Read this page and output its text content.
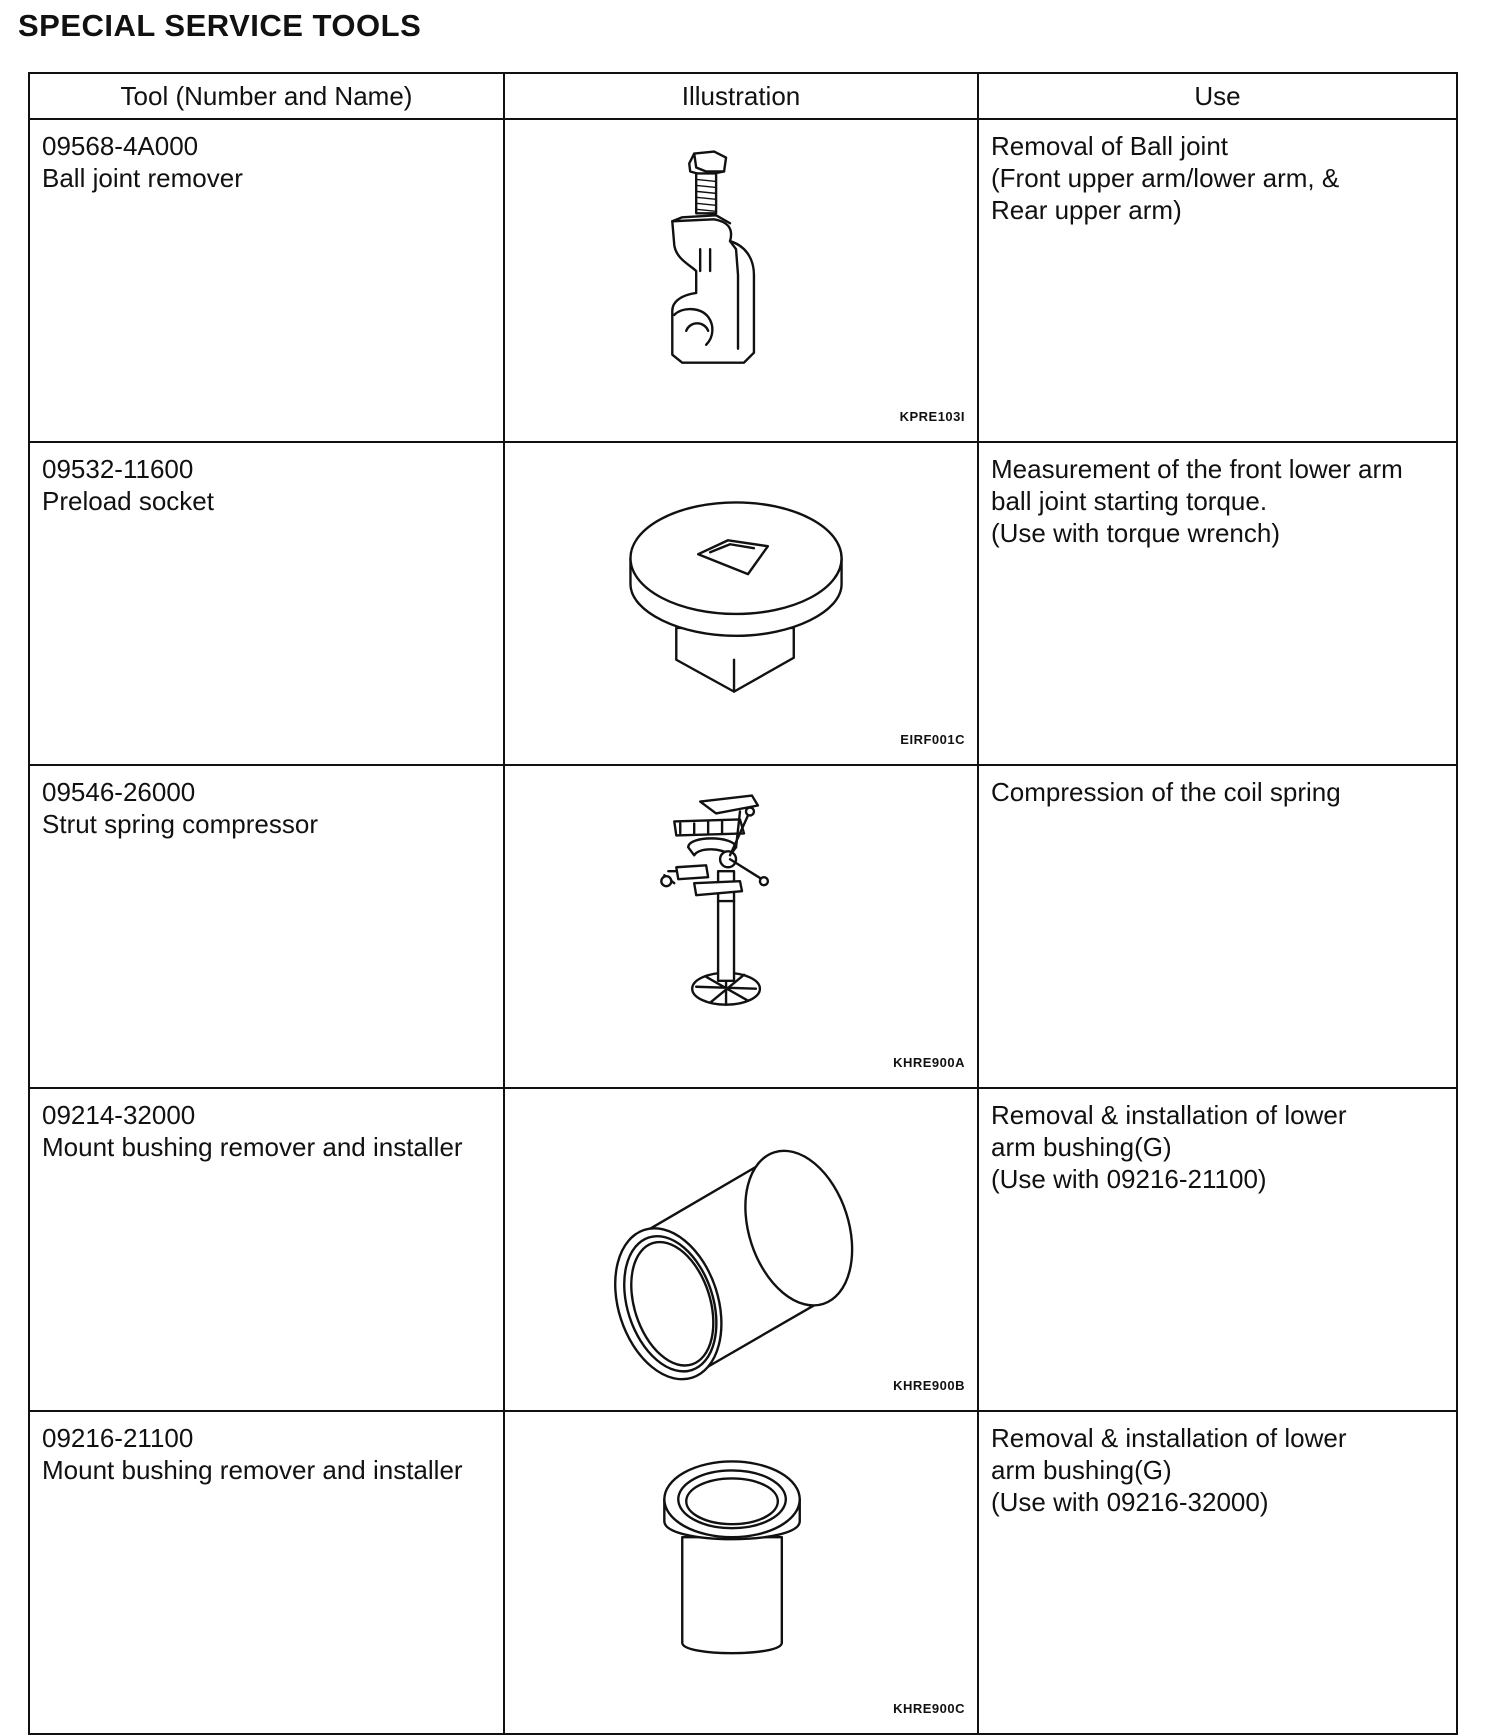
SPECIAL SERVICE TOOLS
Tool (Number and Name)	Illustration	Use

09568-4A000
Ball joint remover	KPRE103I	Removal of Ball joint
(Front upper arm/lower arm, &
Rear upper arm)

09532-11600
Preload socket	EIRF001C	Measurement of the front lower arm
ball joint starting torque.
(Use with torque wrench)

09546-26000
Strut spring compressor	KHRE900A	Compression of the coil spring

09214-32000
Mount bushing remover and installer	KHRE900B	Removal & installation of lower
arm bushing(G)
(Use with 09216-21100)

09216-21100
Mount bushing remover and installer	KHRE900C	Removal & installation of lower
arm bushing(G)
(Use with 09216-32000)
